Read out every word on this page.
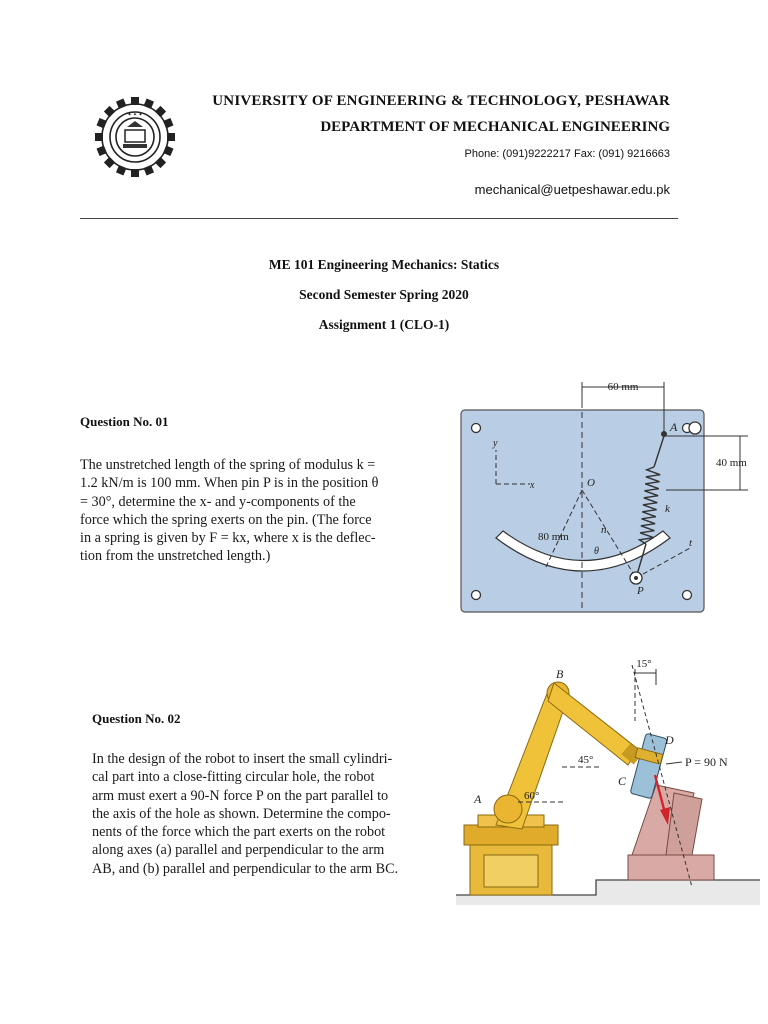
✦ ✦ ✦
UNIVERSITY OF ENGINEERING & TECHNOLOGY, PESHAWAR
DEPARTMENT OF MECHANICAL ENGINEERING
Phone: (091)9222217 Fax: (091) 9216663
mechanical@uetpeshawar.edu.pk
ME 101 Engineering Mechanics: Statics
Second Semester Spring 2020
Assignment 1 (CLO-1)
Question No. 01
The unstretched length of the spring of modulus k =
1.2 kN/m is 100 mm. When pin P is in the position θ
= 30°, determine the x- and y-components of the
force which the spring exerts on the pin. (The force
in a spring is given by F = kx, where x is the deflec-
tion from the unstretched length.)
60 mm
40 mm
80 mm
A
O
k
P
n
t
θ
x
y
Question No. 02
In the design of the robot to insert the small cylindri-
cal part into a close-fitting circular hole, the robot
arm must exert a 90-N force P on the part parallel to
the axis of the hole as shown. Determine the compo-
nents of the force which the part exerts on the robot
along axes (a) parallel and perpendicular to the arm
AB, and (b) parallel and perpendicular to the arm BC.
15°
45°
60°
A
B
C
D
P = 90 N
